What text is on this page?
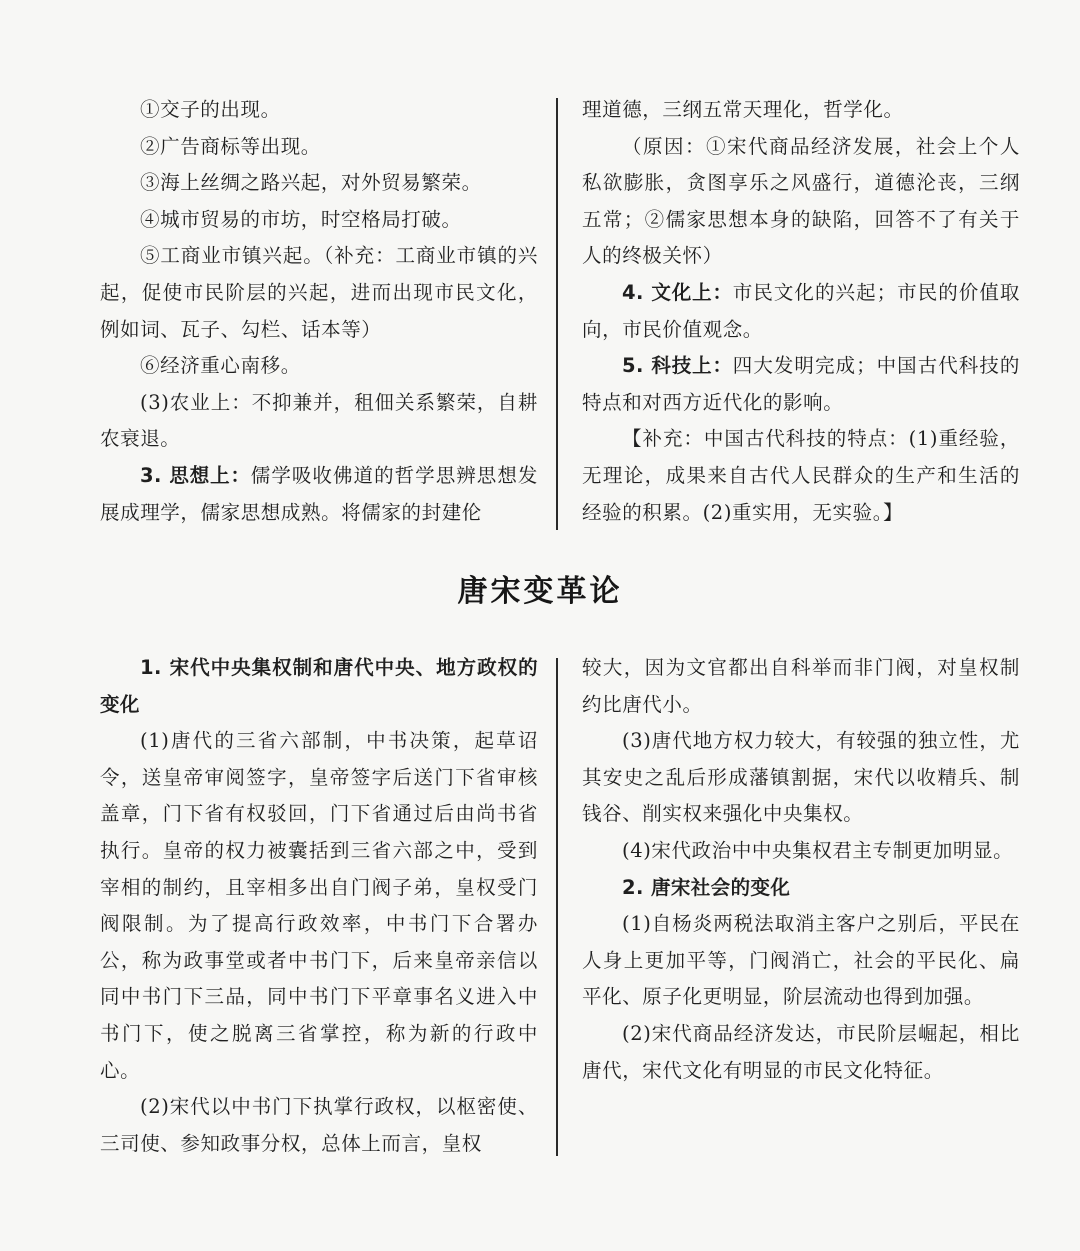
①交子的出现。

②广告商标等出现。

③海上丝绸之路兴起，对外贸易繁荣。

④城市贸易的市坊，时空格局打破。

⑤工商业市镇兴起。（补充：工商业市镇的兴起，促使市民阶层的兴起，进而出现市民文化，例如词、瓦子、勾栏、话本等）

⑥经济重心南移。

(3)农业上：不抑兼并，租佃关系繁荣，自耕农衰退。

3. 思想上：儒学吸收佛道的哲学思辨思想发展成理学，儒家思想成熟。将儒家的封建伦

理道德，三纲五常天理化，哲学化。

（原因：①宋代商品经济发展，社会上个人私欲膨胀，贪图享乐之风盛行，道德沦丧，三纲五常；②儒家思想本身的缺陷，回答不了有关于人的终极关怀）

4. 文化上：市民文化的兴起；市民的价值取向，市民价值观念。

5. 科技上：四大发明完成；中国古代科技的特点和对西方近代化的影响。

【补充：中国古代科技的特点：(1)重经验，无理论，成果来自古代人民群众的生产和生活的经验的积累。(2)重实用，无实验。】

唐宋变革论

1. 宋代中央集权制和唐代中央、地方政权的变化

(1)唐代的三省六部制，中书决策，起草诏令，送皇帝审阅签字，皇帝签字后送门下省审核盖章，门下省有权驳回，门下省通过后由尚书省执行。皇帝的权力被囊括到三省六部之中，受到宰相的制约，且宰相多出自门阀子弟，皇权受门阀限制。为了提高行政效率，中书门下合署办公，称为政事堂或者中书门下，后来皇帝亲信以同中书门下三品，同中书门下平章事名义进入中书门下，使之脱离三省掌控，称为新的行政中心。

(2)宋代以中书门下执掌行政权，以枢密使、三司使、参知政事分权，总体上而言，皇权

较大，因为文官都出自科举而非门阀，对皇权制约比唐代小。

(3)唐代地方权力较大，有较强的独立性，尤其安史之乱后形成藩镇割据，宋代以收精兵、制钱谷、削实权来强化中央集权。

(4)宋代政治中中央集权君主专制更加明显。

2. 唐宋社会的变化

(1)自杨炎两税法取消主客户之别后，平民在人身上更加平等，门阀消亡，社会的平民化、扁平化、原子化更明显，阶层流动也得到加强。

(2)宋代商品经济发达，市民阶层崛起，相比唐代，宋代文化有明显的市民文化特征。
